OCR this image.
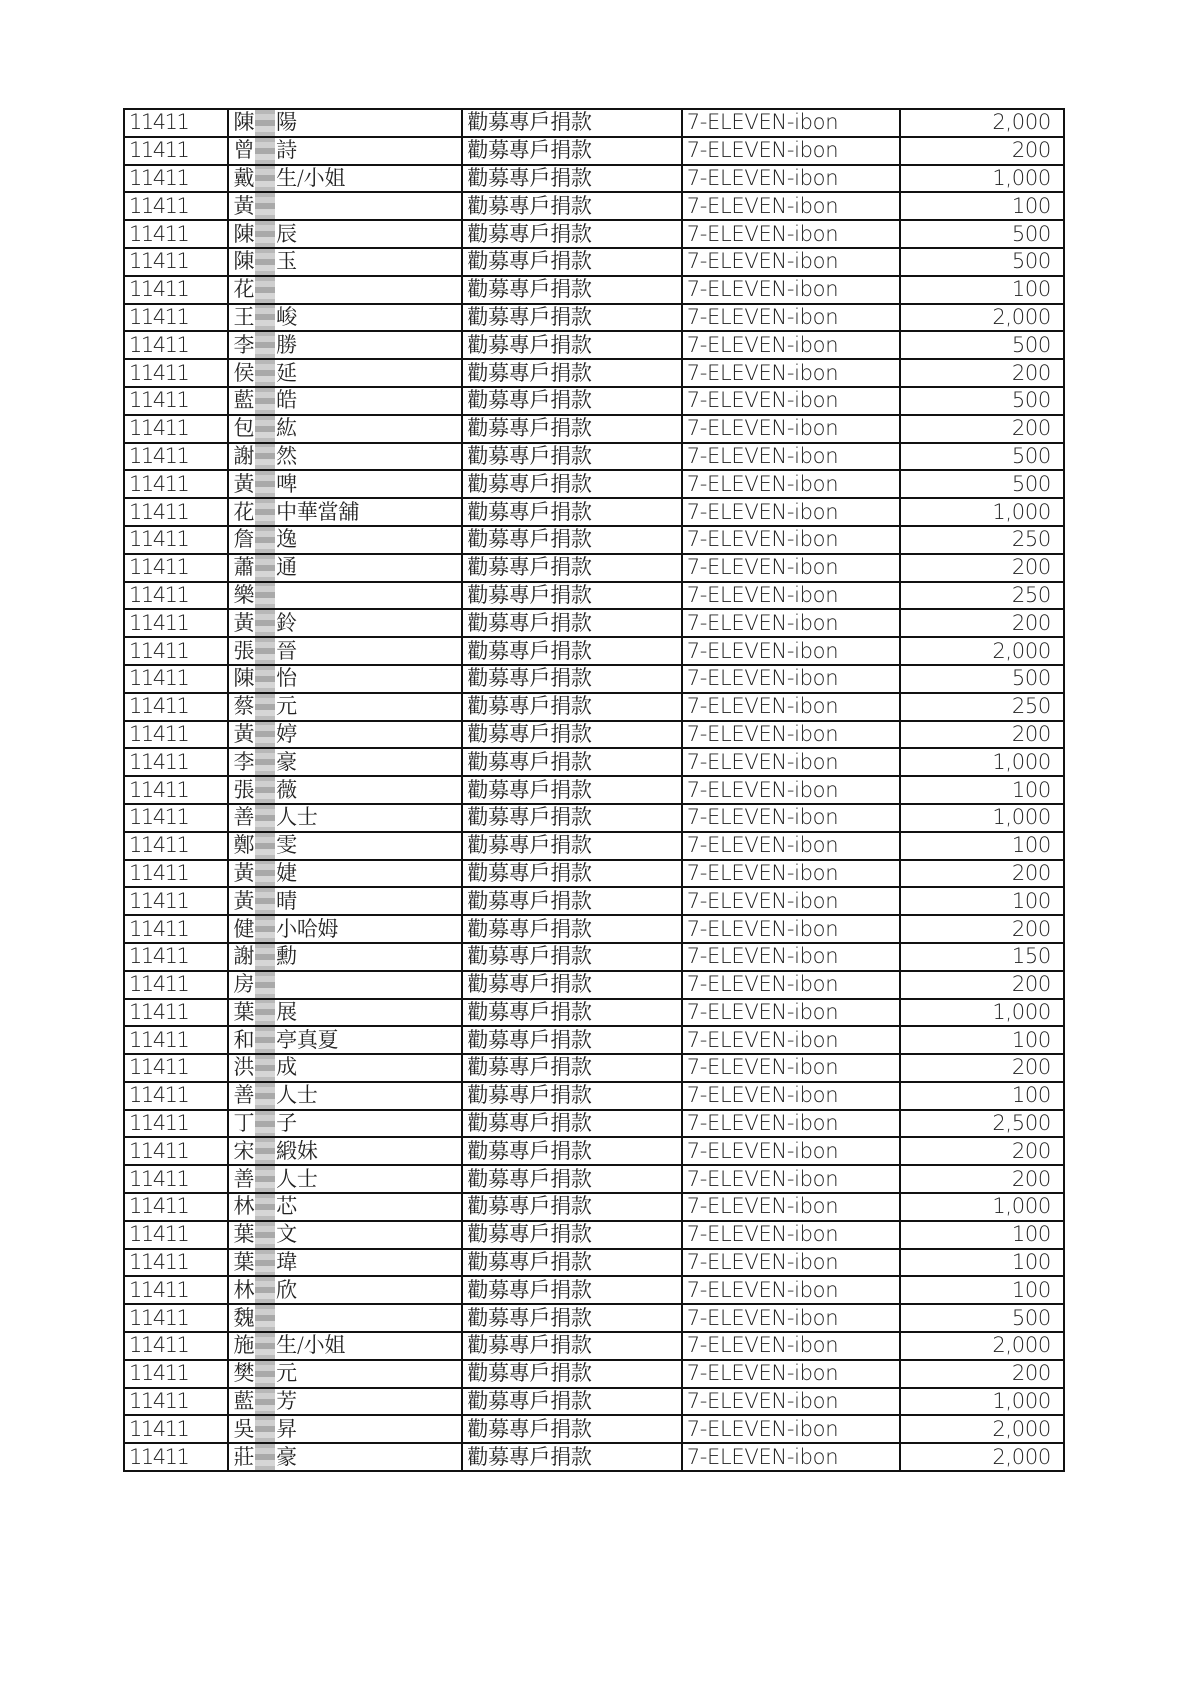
11411	陳 陽	勸募專戶捐款	7-ELEVEN-ibon	2,000
11411	曾 詩	勸募專戶捐款	7-ELEVEN-ibon	200
11411	戴 生/小姐	勸募專戶捐款	7-ELEVEN-ibon	1,000
11411	黃	勸募專戶捐款	7-ELEVEN-ibon	100
11411	陳 辰	勸募專戶捐款	7-ELEVEN-ibon	500
11411	陳 玉	勸募專戶捐款	7-ELEVEN-ibon	500
11411	花	勸募專戶捐款	7-ELEVEN-ibon	100
11411	王 峻	勸募專戶捐款	7-ELEVEN-ibon	2,000
11411	李 勝	勸募專戶捐款	7-ELEVEN-ibon	500
11411	侯 延	勸募專戶捐款	7-ELEVEN-ibon	200
11411	藍 皓	勸募專戶捐款	7-ELEVEN-ibon	500
11411	包 紘	勸募專戶捐款	7-ELEVEN-ibon	200
11411	謝 然	勸募專戶捐款	7-ELEVEN-ibon	500
11411	黃 啤	勸募專戶捐款	7-ELEVEN-ibon	500
11411	花 中華當舖	勸募專戶捐款	7-ELEVEN-ibon	1,000
11411	詹 逸	勸募專戶捐款	7-ELEVEN-ibon	250
11411	蕭 通	勸募專戶捐款	7-ELEVEN-ibon	200
11411	樂	勸募專戶捐款	7-ELEVEN-ibon	250
11411	黃 鈴	勸募專戶捐款	7-ELEVEN-ibon	200
11411	張 晉	勸募專戶捐款	7-ELEVEN-ibon	2,000
11411	陳 怡	勸募專戶捐款	7-ELEVEN-ibon	500
11411	蔡 元	勸募專戶捐款	7-ELEVEN-ibon	250
11411	黃 婷	勸募專戶捐款	7-ELEVEN-ibon	200
11411	李 豪	勸募專戶捐款	7-ELEVEN-ibon	1,000
11411	張 薇	勸募專戶捐款	7-ELEVEN-ibon	100
11411	善 人士	勸募專戶捐款	7-ELEVEN-ibon	1,000
11411	鄭 雯	勸募專戶捐款	7-ELEVEN-ibon	100
11411	黃 婕	勸募專戶捐款	7-ELEVEN-ibon	200
11411	黃 晴	勸募專戶捐款	7-ELEVEN-ibon	100
11411	健 小哈姆	勸募專戶捐款	7-ELEVEN-ibon	200
11411	謝 勳	勸募專戶捐款	7-ELEVEN-ibon	150
11411	房	勸募專戶捐款	7-ELEVEN-ibon	200
11411	葉 展	勸募專戶捐款	7-ELEVEN-ibon	1,000
11411	和 亭真夏	勸募專戶捐款	7-ELEVEN-ibon	100
11411	洪 成	勸募專戶捐款	7-ELEVEN-ibon	200
11411	善 人士	勸募專戶捐款	7-ELEVEN-ibon	100
11411	丁 子	勸募專戶捐款	7-ELEVEN-ibon	2,500
11411	宋 緞妹	勸募專戶捐款	7-ELEVEN-ibon	200
11411	善 人士	勸募專戶捐款	7-ELEVEN-ibon	200
11411	林 芯	勸募專戶捐款	7-ELEVEN-ibon	1,000
11411	葉 文	勸募專戶捐款	7-ELEVEN-ibon	100
11411	葉 瑋	勸募專戶捐款	7-ELEVEN-ibon	100
11411	林 欣	勸募專戶捐款	7-ELEVEN-ibon	100
11411	魏	勸募專戶捐款	7-ELEVEN-ibon	500
11411	施 生/小姐	勸募專戶捐款	7-ELEVEN-ibon	2,000
11411	樊 元	勸募專戶捐款	7-ELEVEN-ibon	200
11411	藍 芳	勸募專戶捐款	7-ELEVEN-ibon	1,000
11411	吳 昇	勸募專戶捐款	7-ELEVEN-ibon	2,000
11411	莊 豪	勸募專戶捐款	7-ELEVEN-ibon	2,000
